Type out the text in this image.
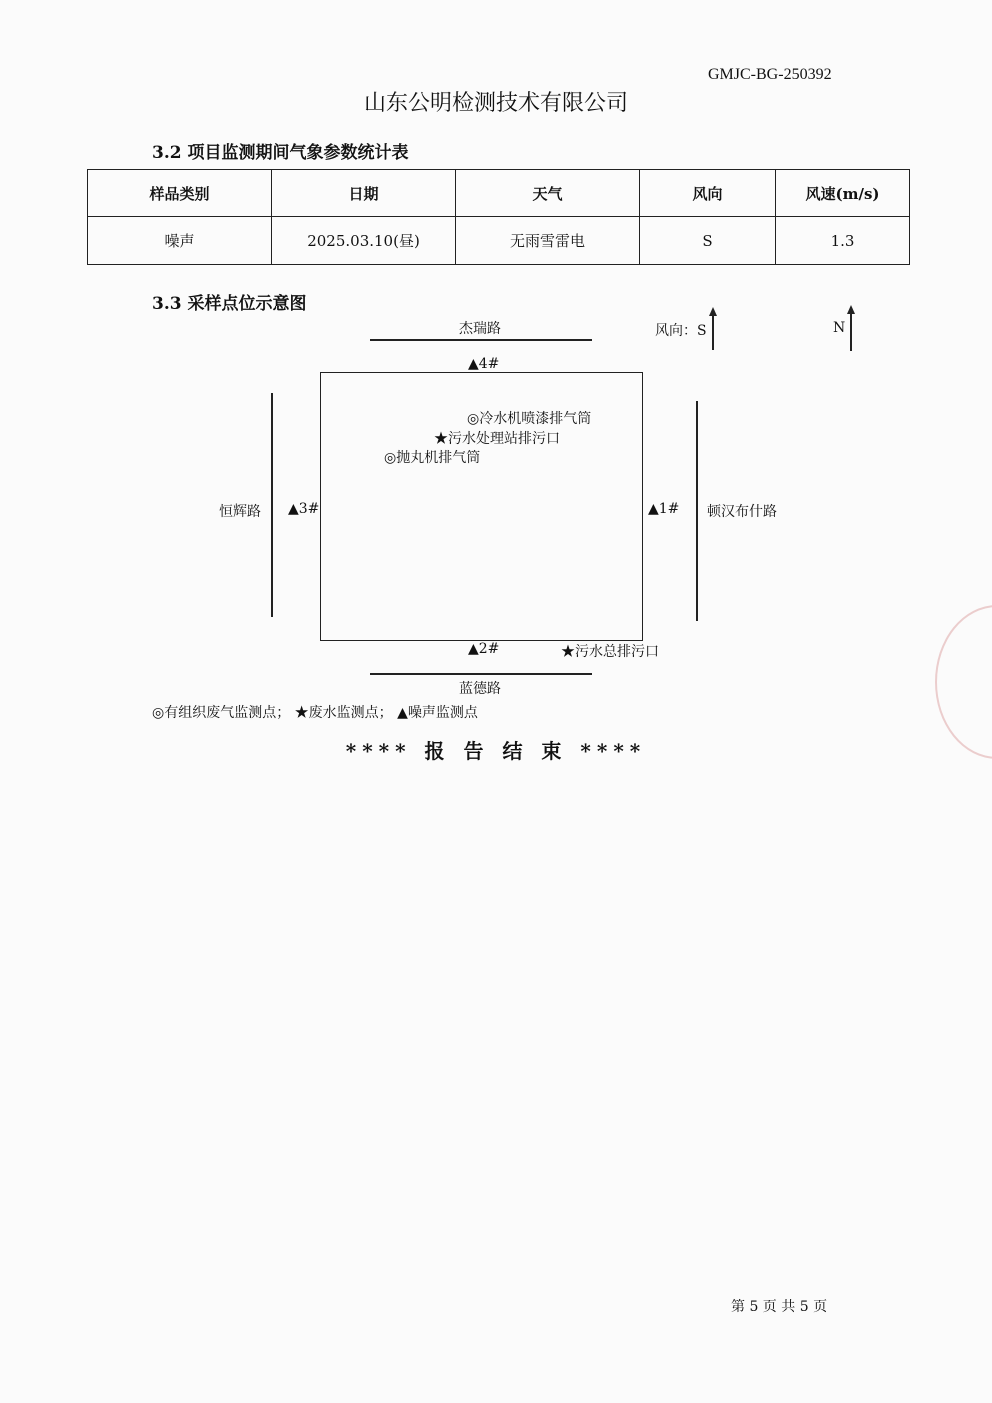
GMJC-BG-250392
山东公明检测技术有限公司
3.2 项目监测期间气象参数统计表
样品类别	日期	天气	风向	风速(m/s)
噪声	2025.03.10(昼)	无雨雪雷电	S	1.3
3.3 采样点位示意图
杰瑞路
蓝德路
恒辉路	顿汉布什路
▲4#
▲2#
▲3#	▲1#
◎冷水机喷漆排气筒
★污水处理站排污口
◎抛丸机排气筒
★污水总排污口
风向：S	N
◎有组织废气监测点； ★废水监测点； ▲噪声监测点
**** 报 告 结 束 ****
第 5 页 共 5 页
